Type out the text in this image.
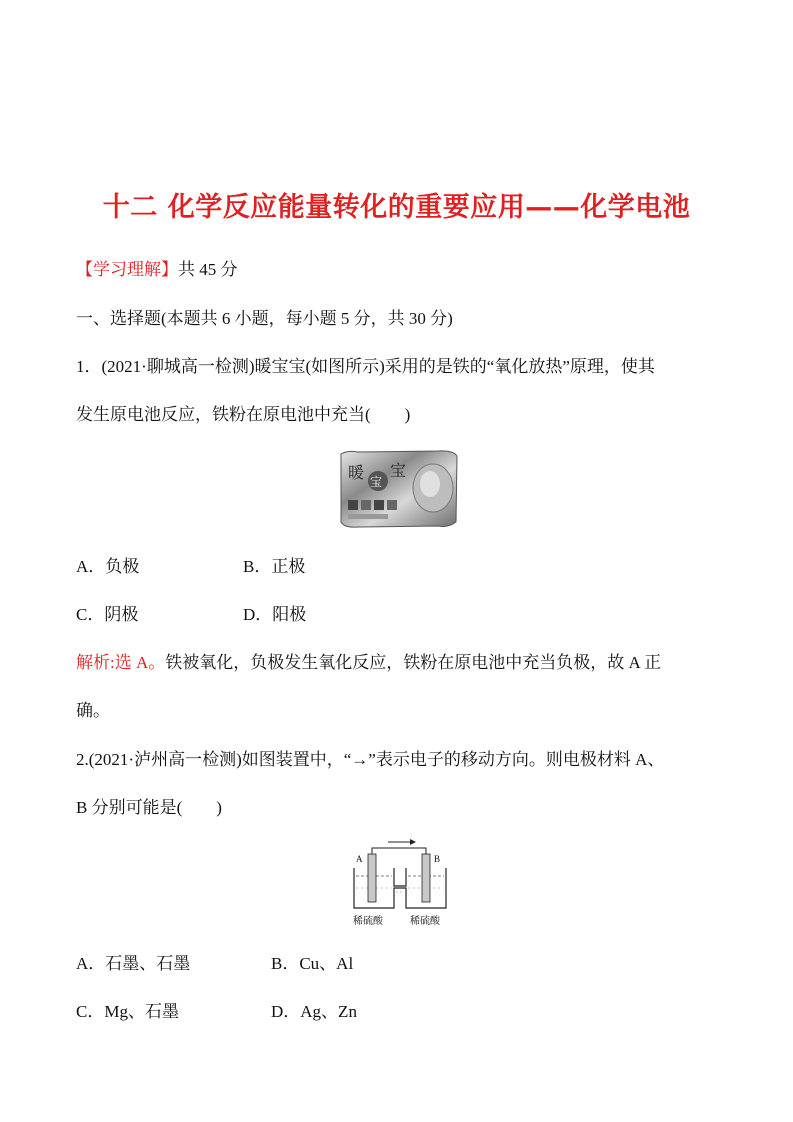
十二 化学反应能量转化的重要应用——化学电池
【学习理解】共 45 分
一、选择题(本题共 6 小题，每小题 5 分，共 30 分)
1．(2021·聊城高一检测)暖宝宝(如图所示)采用的是铁的“氧化放热”原理，使其
发生原电池反应，铁粉在原电池中充当(　　)
暖 宝
宝
A．负极	B．正极
C．阴极	D．阳极
解析:选 A。铁被氧化，负极发生氧化反应，铁粉在原电池中充当负极，故 A 正
确。
2.(2021·泸州高一检测)如图装置中，“→”表示电子的移动方向。则电极材料 A、
B 分别可能是(　　)
A	B
稀硫酸	稀硫酸
A．石墨、石墨	B．Cu、Al
C．Mg、石墨	D．Ag、Zn
